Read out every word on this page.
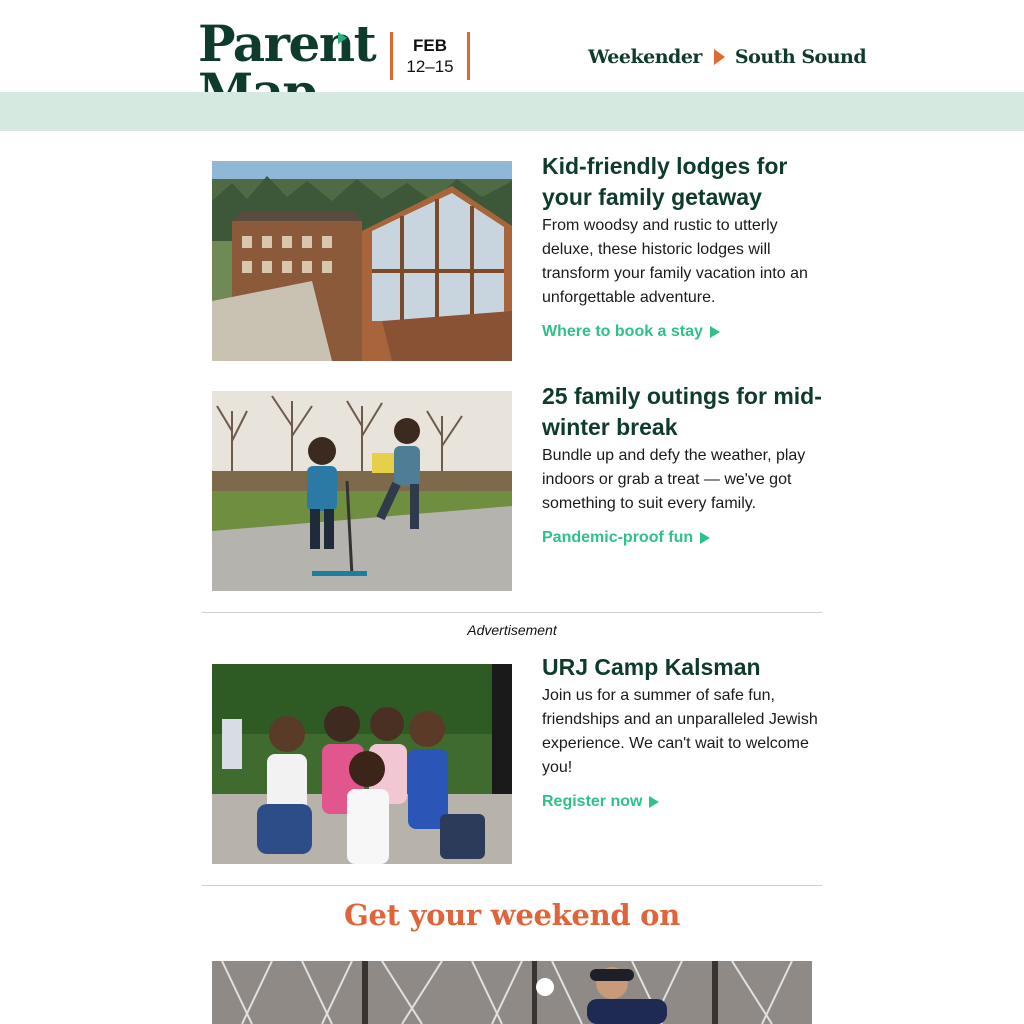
Parent	FEB
12–15	Weekender South Sound
Kid-friendly lodges for your family getaway

From woodsy and rustic to utterly deluxe, these historic lodges will transform your family vacation into an unforgettable adventure.

Where to book a stay
25 family outings for mid-winter break

Bundle up and defy the weather, play indoors or grab a treat — we've got something to suit every family.

Pandemic-proof fun
Advertisement
URJ Camp Kalsman

Join us for a summer of safe fun, friendships and an unparalleled Jewish experience. We can't wait to welcome you!

Register now
Get your weekend on
